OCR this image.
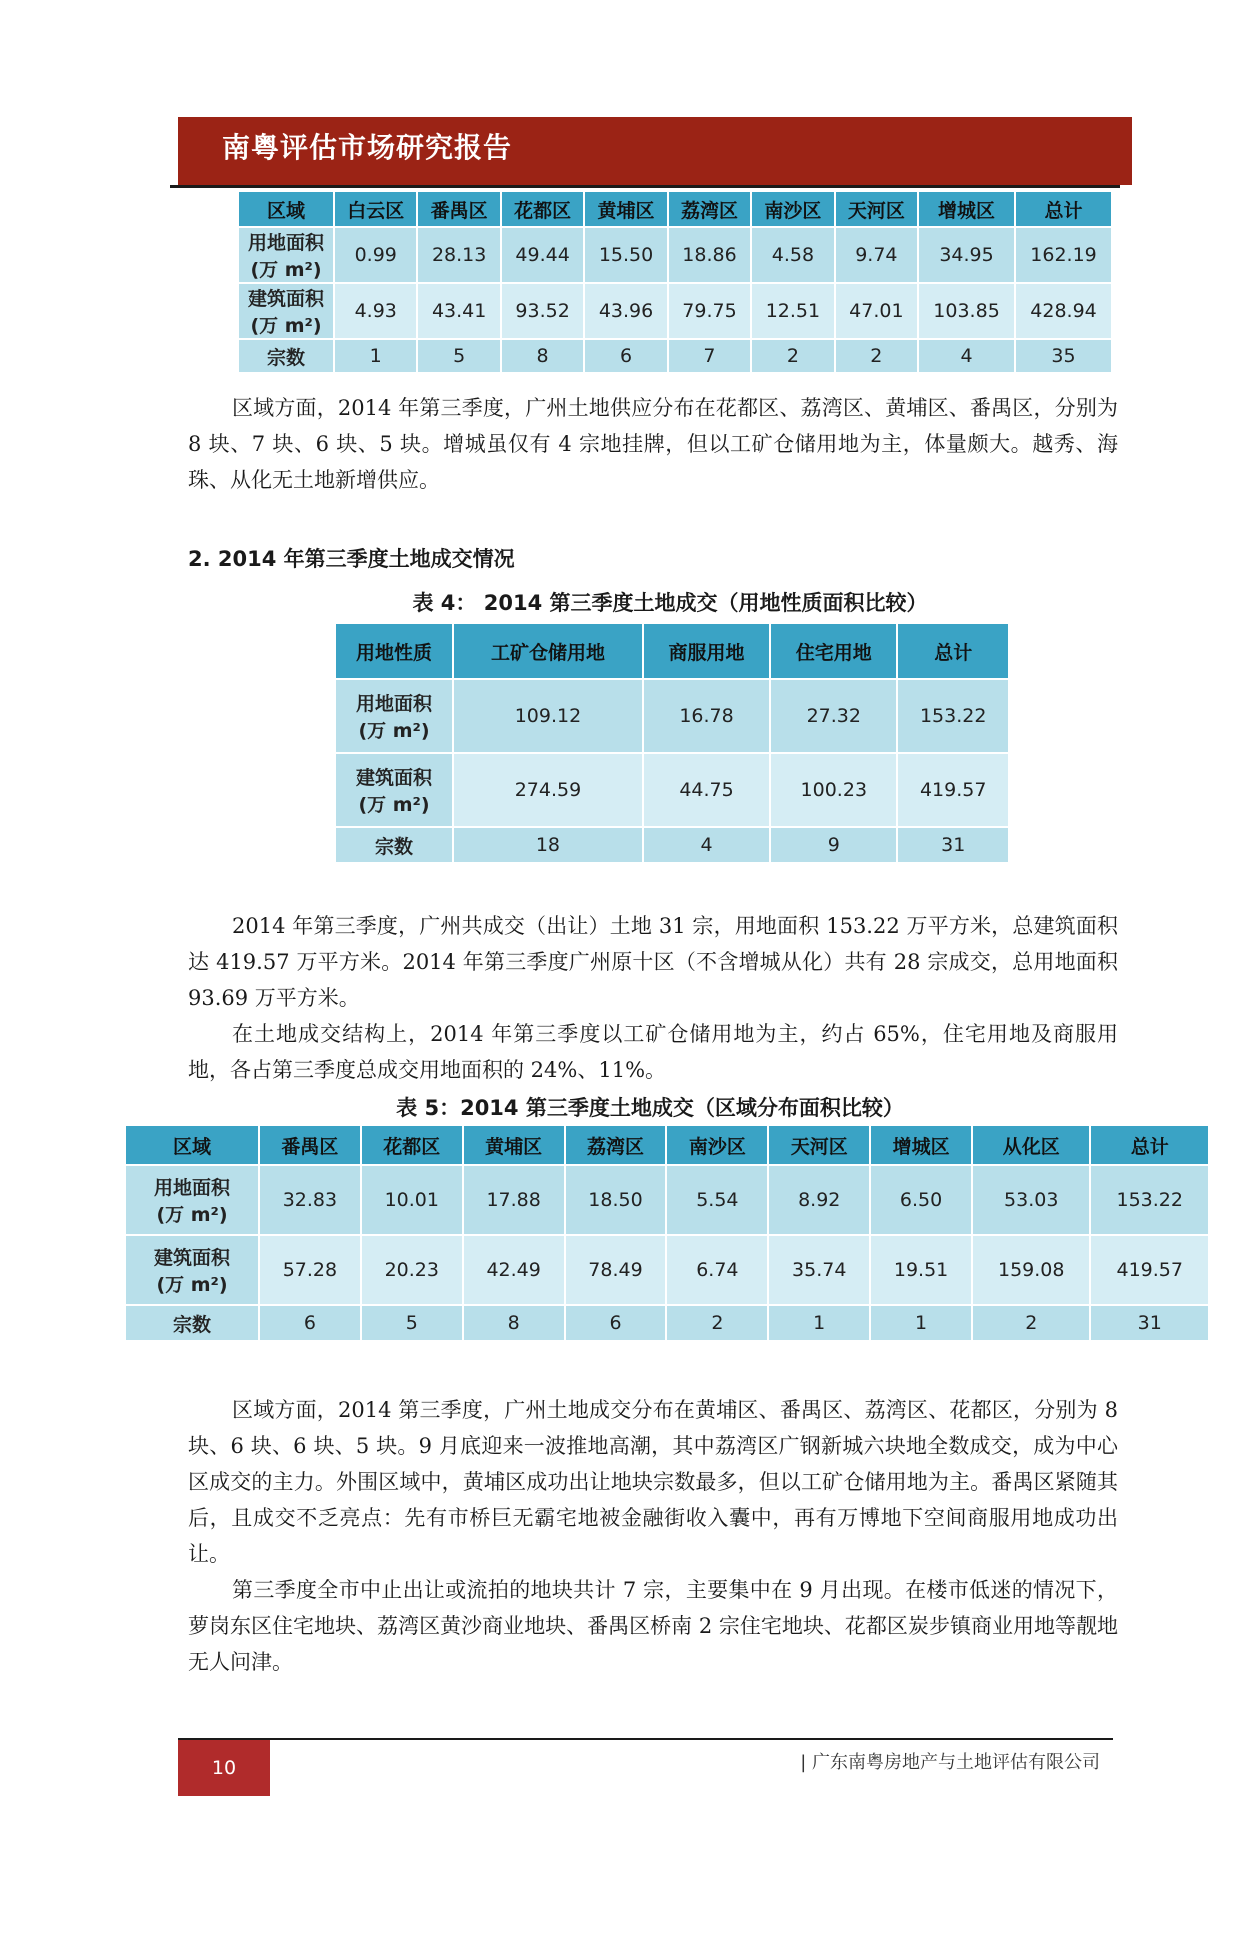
南粤评估市场研究报告
区域	白云区	番禺区	花都区	黄埔区	荔湾区	南沙区	天河区	增城区	总计

用地面积
(万 m²)	0.99	28.13	49.44	15.50	18.86	4.58	9.74	34.95	162.19

建筑面积
(万 m²)	4.93	43.41	93.52	43.96	79.75	12.51	47.01	103.85	428.94
宗数	1	5	8	6	7	2	2	4	35

区域方面，2014 年第三季度，广州土地供应分布在花都区、荔湾区、黄埔区、番禺区，分别为 8 块、7 块、6 块、5 块。增城虽仅有 4 宗地挂牌，但以工矿仓储用地为主，体量颇大。越秀、海珠、从化无土地新增供应。

2. 2014 年第三季度土地成交情况
表 4： 2014 第三季度土地成交（用地性质面积比较）
用地性质	工矿仓储用地	商服用地	住宅用地	总计

用地面积
(万 m²)	109.12	16.78	27.32	153.22

建筑面积
(万 m²)	274.59	44.75	100.23	419.57
宗数	18	4	9	31

2014 年第三季度，广州共成交（出让）土地 31 宗，用地面积 153.22 万平方米，总建筑面积达 419.57 万平方米。2014 年第三季度广州原十区（不含增城从化）共有 28 宗成交，总用地面积 93.69 万平方米。

在土地成交结构上，2014 年第三季度以工矿仓储用地为主，约占 65%，住宅用地及商服用地，各占第三季度总成交用地面积的 24%、11%。

表 5：2014 第三季度土地成交（区域分布面积比较）
区域	番禺区	花都区	黄埔区	荔湾区	南沙区	天河区	增城区	从化区	总计

用地面积
(万 m²)	32.83	10.01	17.88	18.50	5.54	8.92	6.50	53.03	153.22

建筑面积
(万 m²)	57.28	20.23	42.49	78.49	6.74	35.74	19.51	159.08	419.57
宗数	6	5	8	6	2	1	1	2	31

区域方面，2014 第三季度，广州土地成交分布在黄埔区、番禺区、荔湾区、花都区，分别为 8 块、6 块、6 块、5 块。9 月底迎来一波推地高潮，其中荔湾区广钢新城六块地全数成交，成为中心区成交的主力。外围区域中，黄埔区成功出让地块宗数最多，但以工矿仓储用地为主。番禺区紧随其后，且成交不乏亮点：先有市桥巨无霸宅地被金融街收入囊中，再有万博地下空间商服用地成功出让。

第三季度全市中止出让或流拍的地块共计 7 宗，主要集中在 9 月出现。在楼市低迷的情况下，萝岗东区住宅地块、荔湾区黄沙商业地块、番禺区桥南 2 宗住宅地块、花都区炭步镇商业用地等靓地无人问津。

10	| 广东南粤房地产与土地评估有限公司
